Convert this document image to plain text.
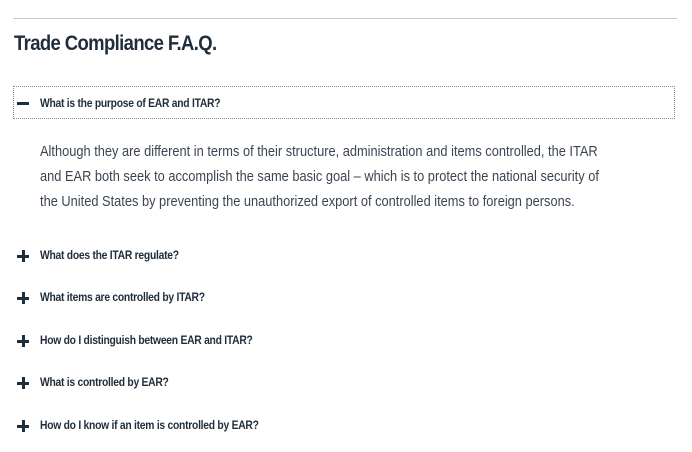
Trade Compliance F.A.Q.
What is the purpose of EAR and ITAR?
Although they are different in terms of their structure, administration and items controlled, the ITAR
and EAR both seek to accomplish the same basic goal – which is to protect the national security of
the United States by preventing the unauthorized export of controlled items to foreign persons.
What does the ITAR regulate?
What items are controlled by ITAR?
How do I distinguish between EAR and ITAR?
What is controlled by EAR?
How do I know if an item is controlled by EAR?
